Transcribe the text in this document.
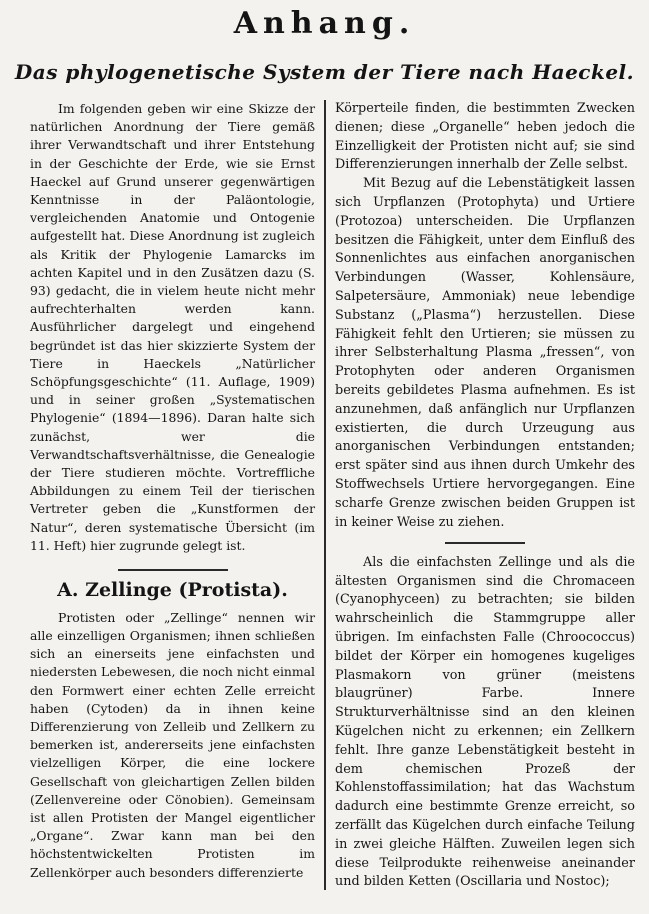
Anhang.
Das phylogenetische System der Tiere nach Haeckel.

Im folgenden geben wir eine Skizze der natürlichen Anordnung der Tiere gemäß ihrer Verwandtschaft und ihrer Entstehung in der Geschichte der Erde, wie sie Ernst Haeckel auf Grund unserer gegenwärtigen Kenntnisse in der Paläontologie, vergleichenden Anatomie und Ontogenie aufgestellt hat. Diese Anordnung ist zugleich als Kritik der Phylogenie Lamarcks im achten Kapitel und in den Zusätzen dazu (S. 93) gedacht, die in vielem heute nicht mehr aufrechterhalten werden kann. Ausführlicher dargelegt und eingehend begründet ist das hier skizzierte System der Tiere in Haeckels „Natürlicher Schöpfungsgeschichte“ (11. Auflage, 1909) und in seiner großen „Systematischen Phylogenie“ (1894—1896). Daran halte sich zunächst, wer die Verwandtschaftsverhältnisse, die Genealogie der Tiere studieren möchte. Vortreffliche Abbildungen zu einem Teil der tierischen Vertreter geben die „Kunstformen der Natur“, deren systematische Übersicht (im 11. Heft) hier zugrunde gelegt ist.

A. Zellinge (Protista).

Protisten oder „Zellinge“ nennen wir alle einzelligen Organismen; ihnen schließen sich an einerseits jene einfachsten und niedersten Lebewesen, die noch nicht einmal den Formwert einer echten Zelle erreicht haben (Cytoden) da in ihnen keine Differenzierung von Zelleib und Zellkern zu bemerken ist, andererseits jene einfachsten vielzelligen Körper, die eine lockere Gesellschaft von gleichartigen Zellen bilden (Zellenvereine oder Cönobien). Gemeinsam ist allen Protisten der Mangel eigentlicher „Organe“. Zwar kann man bei den höchstentwickelten Protisten im Zellenkörper auch besonders differenzierte

Körperteile finden, die bestimmten Zwecken dienen; diese „Organelle“ heben jedoch die Einzelligkeit der Protisten nicht auf; sie sind Differenzierungen innerhalb der Zelle selbst.

Mit Bezug auf die Lebenstätigkeit lassen sich Urpflanzen (Protophyta) und Urtiere (Protozoa) unterscheiden. Die Urpflanzen besitzen die Fähigkeit, unter dem Einfluß des Sonnenlichtes aus einfachen anorganischen Verbindungen (Wasser, Kohlensäure, Salpetersäure, Ammoniak) neue lebendige Substanz („Plasma“) herzustellen. Diese Fähigkeit fehlt den Urtieren; sie müssen zu ihrer Selbsterhaltung Plasma „fressen“, von Protophyten oder anderen Organismen bereits gebildetes Plasma aufnehmen. Es ist anzunehmen, daß anfänglich nur Urpflanzen existierten, die durch Urzeugung aus anorganischen Verbindungen entstanden; erst später sind aus ihnen durch Umkehr des Stoffwechsels Urtiere hervorgegangen. Eine scharfe Grenze zwischen beiden Gruppen ist in keiner Weise zu ziehen.

Als die einfachsten Zellinge und als die ältesten Organismen sind die Chromaceen (Cyanophyceen) zu betrachten; sie bilden wahrscheinlich die Stammgruppe aller übrigen. Im einfachsten Falle (Chroococcus) bildet der Körper ein homogenes kugeliges Plasmakorn von grüner (meistens blaugrüner) Farbe. Innere Strukturverhältnisse sind an den kleinen Kügelchen nicht zu erkennen; ein Zellkern fehlt. Ihre ganze Lebenstätigkeit besteht in dem chemischen Prozeß der Kohlenstoffassimilation; hat das Wachstum dadurch eine bestimmte Grenze erreicht, so zerfällt das Kügelchen durch einfache Teilung in zwei gleiche Hälften. Zuweilen legen sich diese Teilprodukte reihenweise aneinander und bilden Ketten (Oscillaria und Nostoc);
